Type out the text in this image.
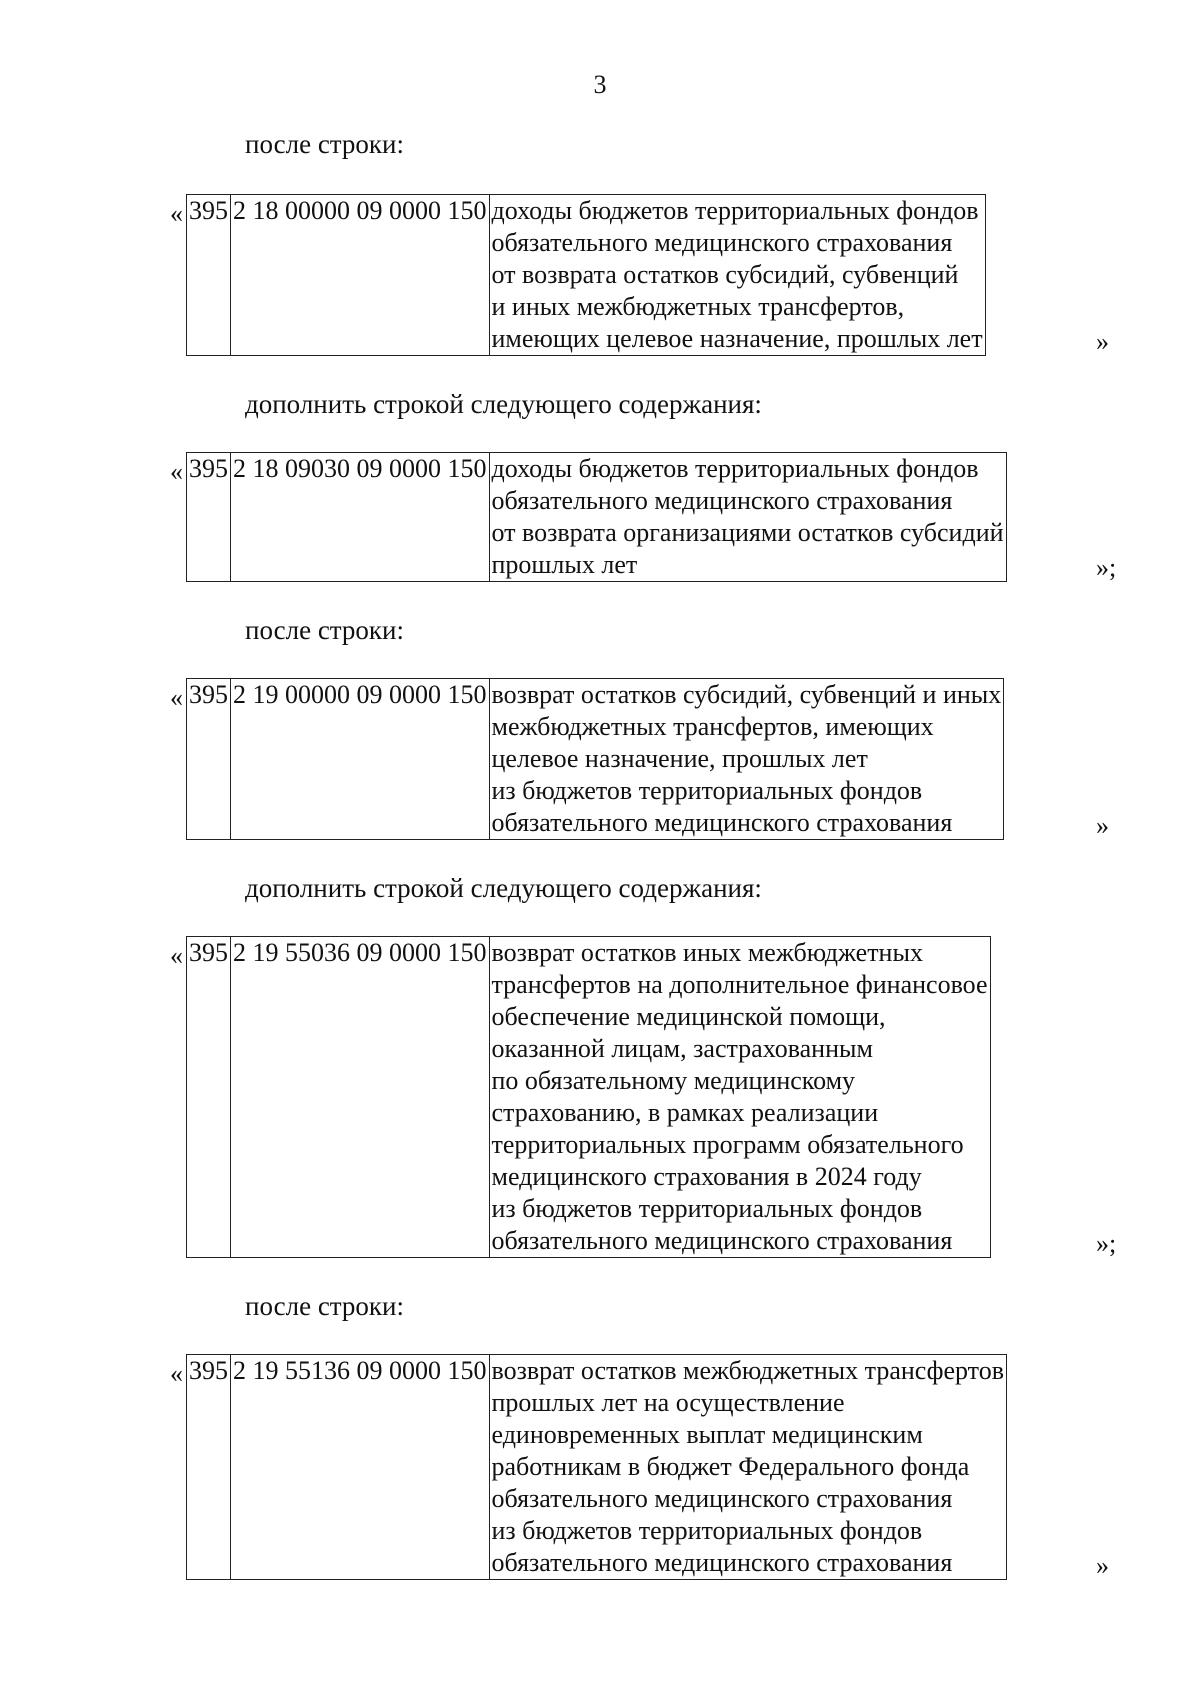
3
после строки:
« 395	2 18 00000 09 0000 150	доходы бюджетов территориальных фондов
обязательного медицинского страхования
от возврата остатков субсидий, субвенций
и иных межбюджетных трансфертов,
имеющих целевое назначение, прошлых лет	»
дополнить строкой следующего содержания:
« 395	2 18 09030 09 0000 150	доходы бюджетов территориальных фондов
обязательного медицинского страхования
от возврата организациями остатков субсидий
прошлых лет	»;
после строки:
« 395	2 19 00000 09 0000 150	возврат остатков субсидий, субвенций и иных
межбюджетных трансфертов, имеющих
целевое назначение, прошлых лет
из бюджетов территориальных фондов
обязательного медицинского страхования	»
дополнить строкой следующего содержания:
« 395	2 19 55036 09 0000 150	возврат остатков иных межбюджетных
трансфертов на дополнительное финансовое
обеспечение медицинской помощи,
оказанной лицам, застрахованным
по обязательному медицинскому
страхованию, в рамках реализации
территориальных программ обязательного
медицинского страхования в 2024 году
из бюджетов территориальных фондов
обязательного медицинского страхования	»;
после строки:
« 395	2 19 55136 09 0000 150	возврат остатков межбюджетных трансфертов
прошлых лет на осуществление
единовременных выплат медицинским
работникам в бюджет Федерального фонда
обязательного медицинского страхования
из бюджетов территориальных фондов
обязательного медицинского страхования	»
